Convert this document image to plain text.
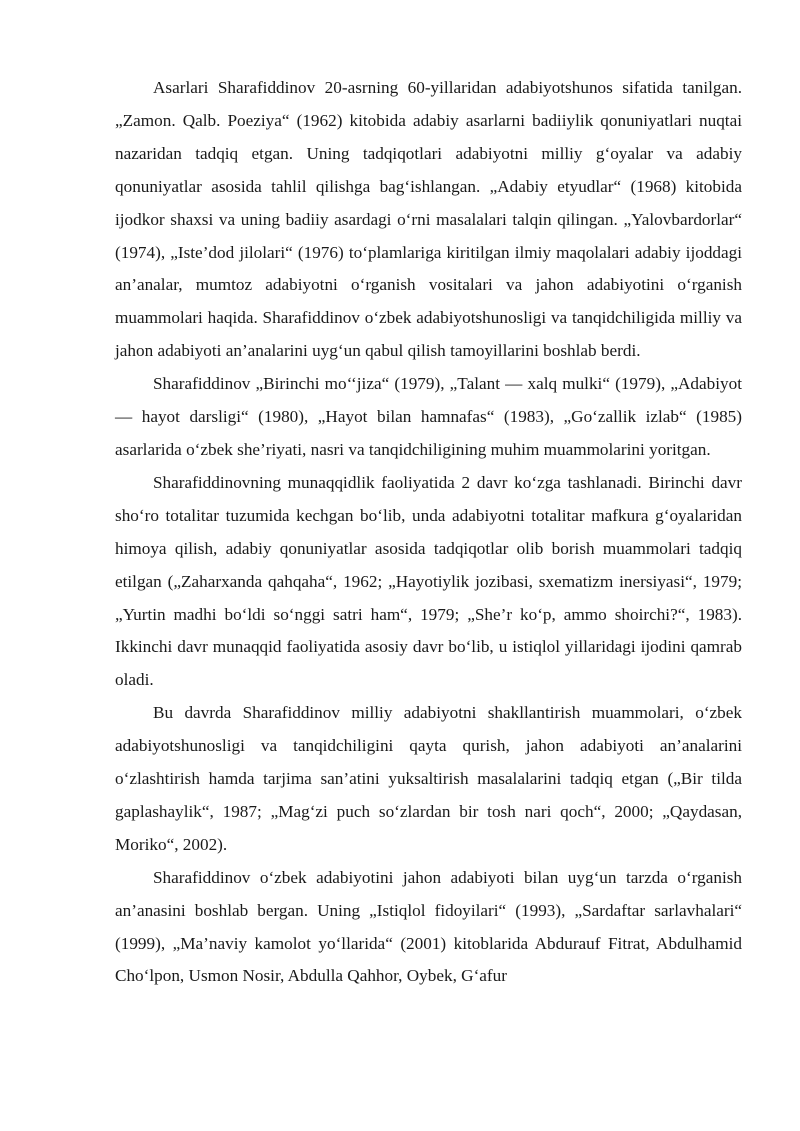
Asarlari Sharafiddinov 20-asrning 60-yillaridan adabiyotshunos sifatida tanilgan. „Zamon. Qalb. Poeziya“ (1962) kitobida adabiy asarlarni badiiylik qonuniyatlari nuqtai nazaridan tadqiq etgan. Uning tadqiqotlari adabiyotni milliy g‘oyalar va adabiy qonuniyatlar asosida tahlil qilishga bag‘ishlangan. „Adabiy etyudlar“ (1968) kitobida ijodkor shaxsi va uning badiiy asardagi o‘rni masalalari talqin qilingan. „Yalovbardorlar“ (1974), „Iste’dod jilolari“ (1976) to‘plamlariga kiritilgan ilmiy maqolalari adabiy ijoddagi an’analar, mumtoz adabiyotni o‘rganish vositalari va jahon adabiyotini o‘rganish muammolari haqida. Sharafiddinov o‘zbek adabiyotshunosligi va tanqidchiligida milliy va jahon adabiyoti an’analarini uyg‘un qabul qilish tamoyillarini boshlab berdi.

Sharafiddinov „Birinchi mo‘‘jiza“ (1979), „Talant — xalq mulki“ (1979), „Adabiyot — hayot darsligi“ (1980), „Hayot bilan hamnafas“ (1983), „Go‘zallik izlab“ (1985) asarlarida o‘zbek she’riyati, nasri va tanqidchiligining muhim muammolarini yoritgan.

Sharafiddinovning munaqqidlik faoliyatida 2 davr ko‘zga tashlanadi. Birinchi davr sho‘ro totalitar tuzumida kechgan bo‘lib, unda adabiyotni totalitar mafkura g‘oyalaridan himoya qilish, adabiy qonuniyatlar asosida tadqiqotlar olib borish muammolari tadqiq etilgan („Zaharxanda qahqaha“, 1962; „Hayotiylik jozibasi, sxematizm inersiyasi“, 1979; „Yurtin madhi bo‘ldi so‘nggi satri ham“, 1979; „She’r ko‘p, ammo shoirchi?“, 1983). Ikkinchi davr munaqqid faoliyatida asosiy davr bo‘lib, u istiqlol yillaridagi ijodini qamrab oladi.

Bu davrda Sharafiddinov milliy adabiyotni shakllantirish muammolari, o‘zbek adabiyotshunosligi va tanqidchiligini qayta qurish, jahon adabiyoti an’analarini o‘zlashtirish hamda tarjima san’atini yuksaltirish masalalarini tadqiq etgan („Bir tilda gaplashaylik“, 1987; „Mag‘zi puch so‘zlardan bir tosh nari qoch“, 2000; „Qaydasan, Moriko“, 2002).

Sharafiddinov o‘zbek adabiyotini jahon adabiyoti bilan uyg‘un tarzda o‘rganish an’anasini boshlab bergan. Uning „Istiqlol fidoyilari“ (1993), „Sardaftar sarlavhalari“ (1999), „Ma’naviy kamolot yo‘llarida“ (2001) kitoblarida Abdurauf Fitrat, Abdulhamid Cho‘lpon, Usmon Nosir, Abdulla Qahhor, Oybek, G‘afur
